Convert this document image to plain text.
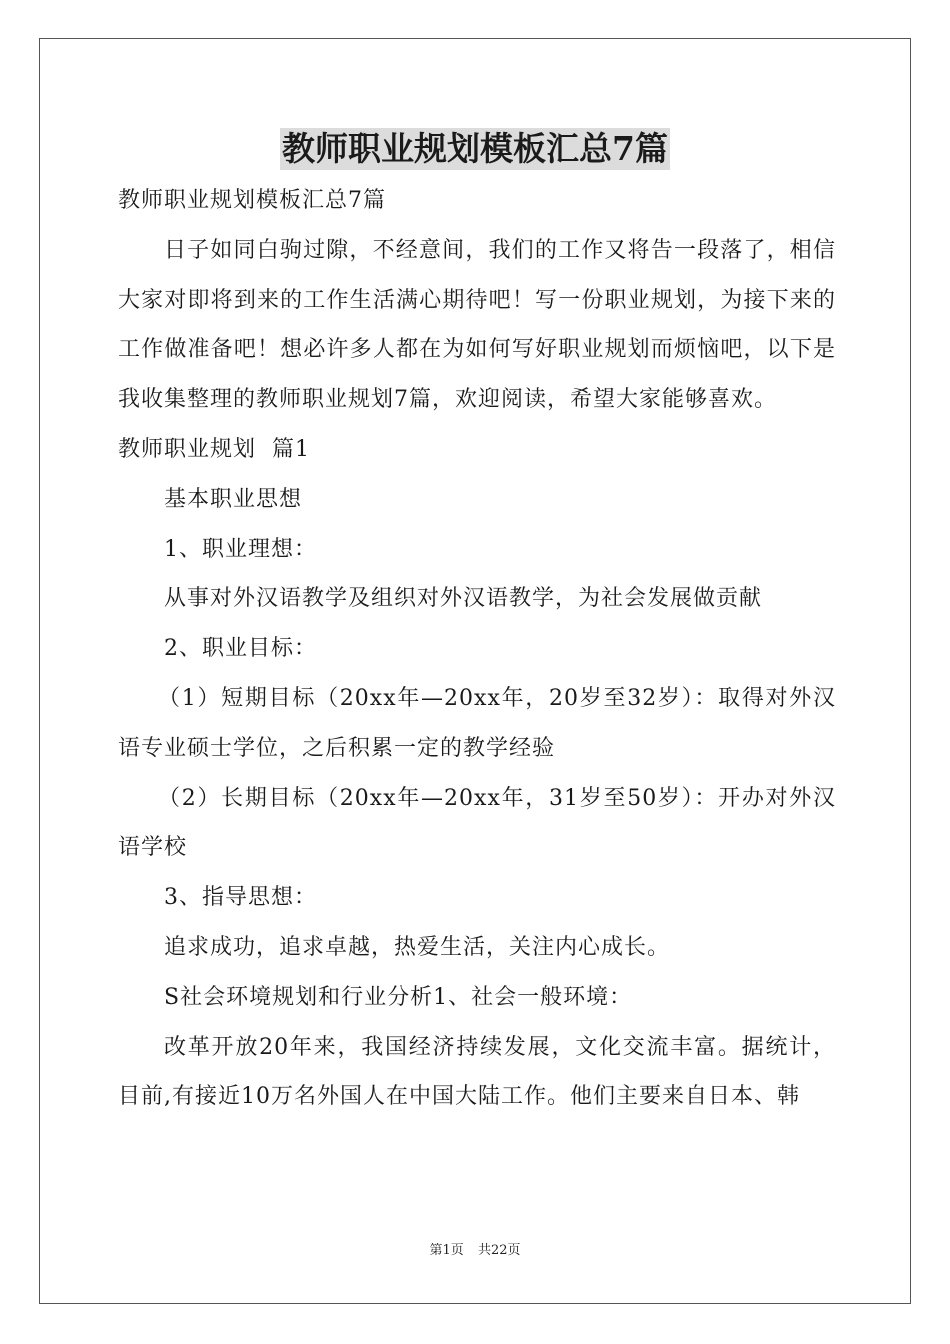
教师职业规划模板汇总7篇

教师职业规划模板汇总7篇

日子如同白驹过隙，不经意间，我们的工作又将告一段落了，相信大家对即将到来的工作生活满心期待吧！写一份职业规划，为接下来的工作做准备吧！想必许多人都在为如何写好职业规划而烦恼吧，以下是我收集整理的教师职业规划7篇，欢迎阅读，希望大家能够喜欢。

教师职业规划  篇1

基本职业思想

1、职业理想：

从事对外汉语教学及组织对外汉语教学，为社会发展做贡献

2、职业目标：

（1）短期目标（20xx年—20xx年，20岁至32岁）：取得对外汉语专业硕士学位，之后积累一定的教学经验

（2）长期目标（20xx年—20xx年，31岁至50岁）：开办对外汉语学校

3、指导思想：

追求成功，追求卓越，热爱生活，关注内心成长。

S社会环境规划和行业分析1、社会一般环境：

改革开放20年来，我国经济持续发展，文化交流丰富。据统计，目前,有接近10万名外国人在中国大陆工作。他们主要来自日本、韩

第1页 共22页
